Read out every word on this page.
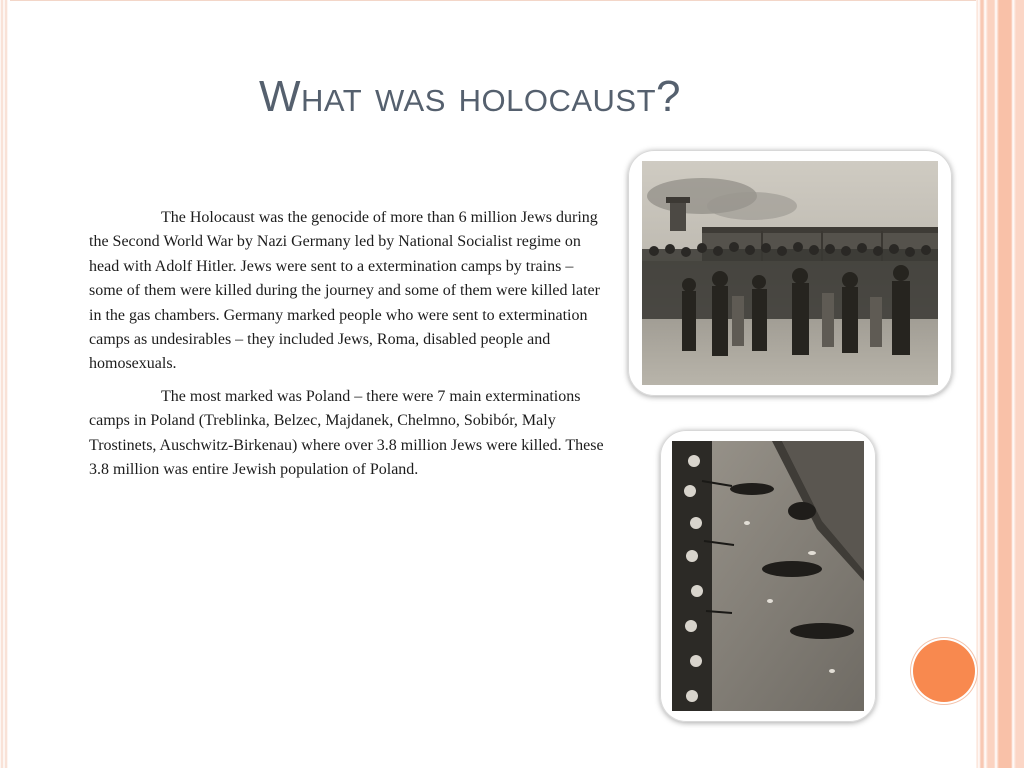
What was holocaust?

The Holocaust was the genocide of more than 6 million Jews during the Second World War by Nazi Germany led by National Socialist regime on head with Adolf Hitler. Jews were sent to a extermination camps by trains – some of them were killed during the journey and some of them were killed later in the gas chambers. Germany marked people who were sent to extermination camps as undesirables – they included Jews, Roma, disabled people and homosexuals.

The most marked was Poland – there were 7 main exterminations camps in Poland (Treblinka, Belzec, Majdanek, Chelmno, Sobibór, Maly Trostinets, Auschwitz-Birkenau) where over 3.8 million Jews were killed. These 3.8 million was entire Jewish population of Poland.
